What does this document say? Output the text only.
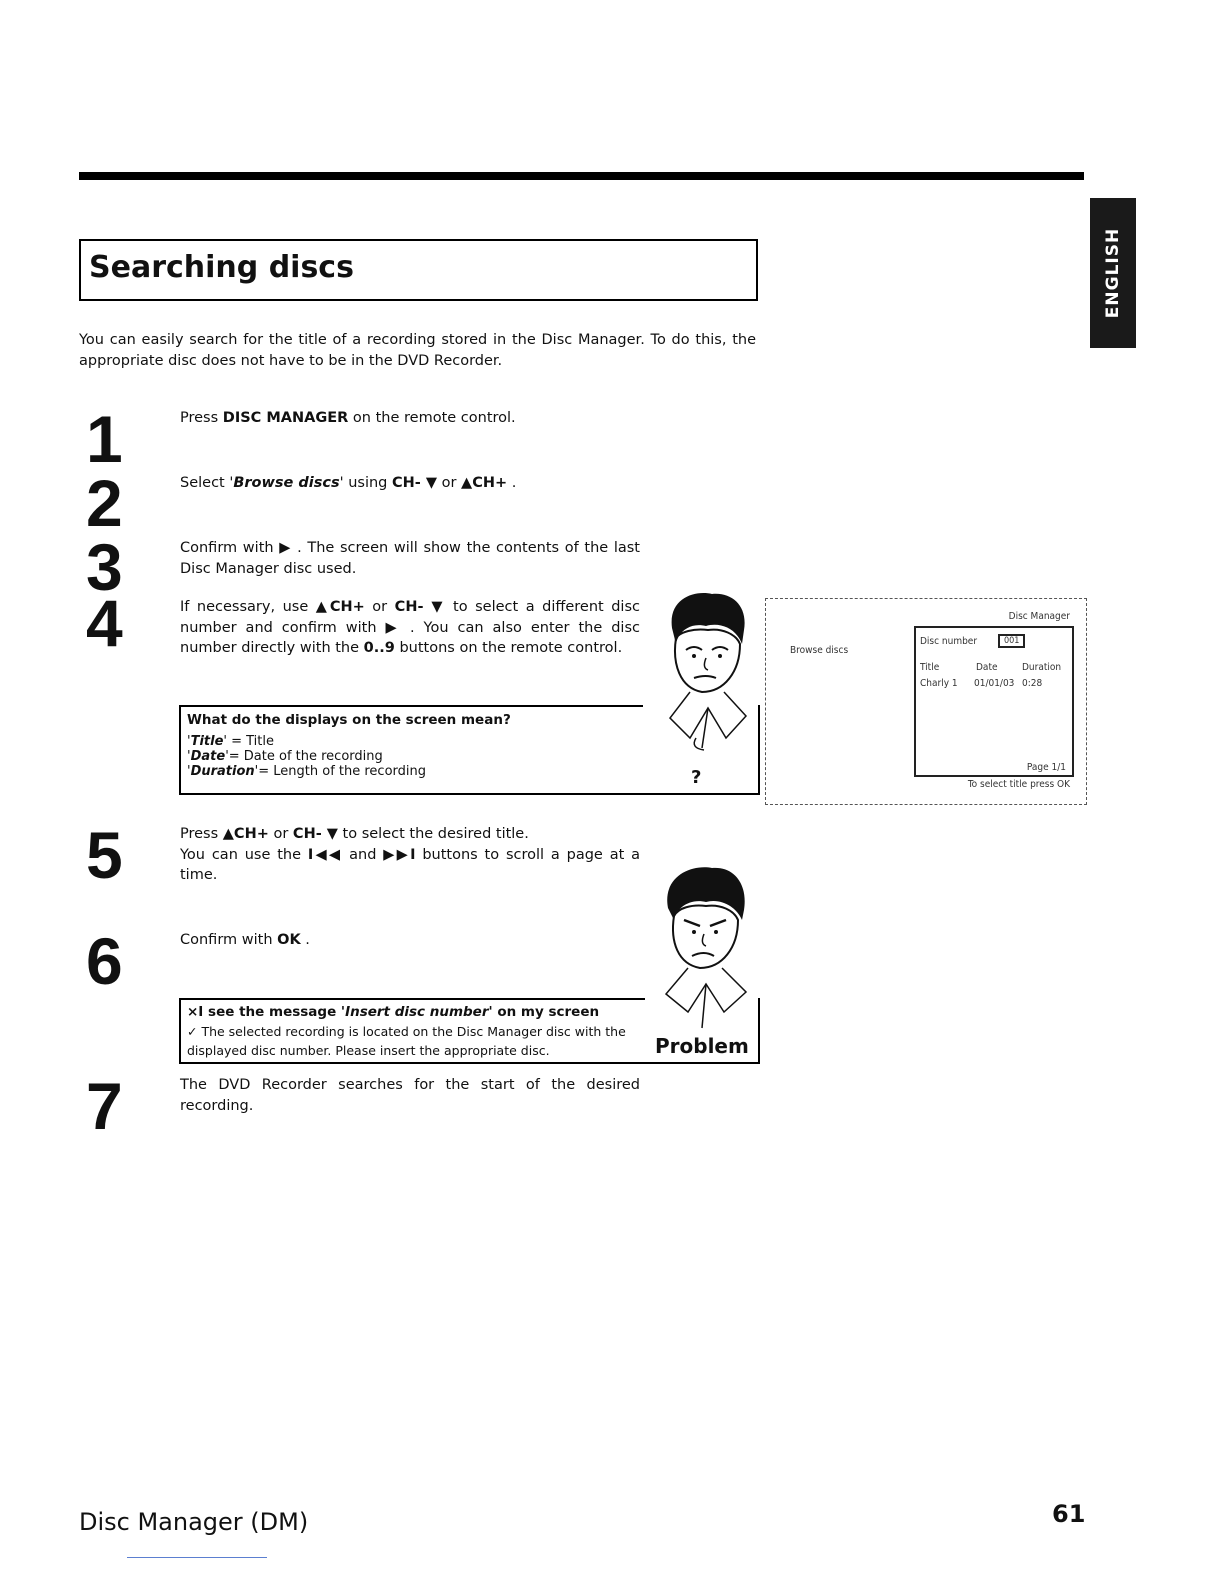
ENGLISH
Searching discs
You can easily search for the title of a recording stored in the Disc Manager. To do this, the appropriate disc does not have to be in the DVD Recorder.
1
2
3
4
5
6
7
Press DISC MANAGER on the remote control.
Select 'Browse discs' using CH- ▼ or ▲CH+ .
Confirm with ▶ . The screen will show the contents of the last Disc Manager disc used.
If necessary, use ▲CH+ or CH- ▼ to select a different disc number and confirm with ▶ . You can also enter the disc number directly with the 0..9 buttons on the remote control.
Press ▲CH+ or CH- ▼ to select the desired title.
You can use the I◀◀ and ▶▶I buttons to scroll a page at a time.
Confirm with OK .
The DVD Recorder searches for the start of the desired recording.
What do the displays on the screen mean?
'Title' = Title
'Date'= Date of the recording
'Duration'= Length of the recording	?
Disc Manager
Browse discs
Disc number	001
Title	Date Duration
Charly 1 01/01/03 0:28
Page 1/1
To select title press OK
×I see the message 'Insert disc number' on my screen
✓ The selected recording is located on the Disc Manager disc with the displayed disc number. Please insert the appropriate disc.	Problem
Disc Manager (DM)	61
